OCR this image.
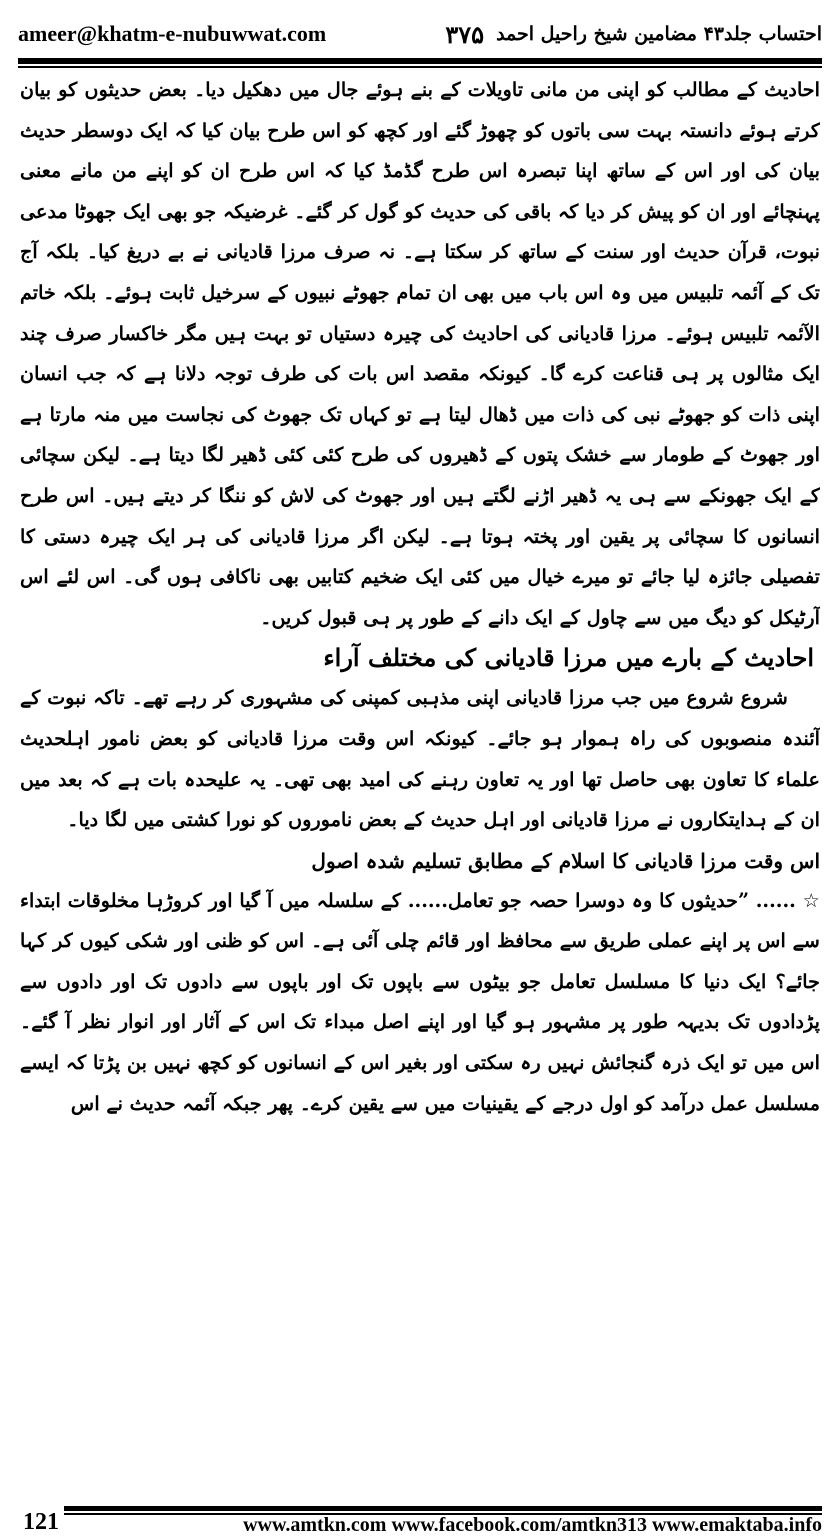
ameer@khatm-e-nubuwwat.com	احتساب جلد۴۳ مضامین شیخ راحیل احمد
۳۷۵

احادیث کے مطالب کو اپنی من مانی تاویلات کے بنے ہوئے جال میں دھکیل دیا۔ بعض حدیثوں کو بیان کرتے ہوئے دانستہ بہت سی باتوں کو چھوڑ گئے اور کچھ کو اس طرح بیان کیا کہ ایک دوسطر حدیث بیان کی اور اس کے ساتھ اپنا تبصرہ اس طرح گڈمڈ کیا کہ اس طرح ان کو اپنے من مانے معنی پہنچائے اور ان کو پیش کر دیا کہ باقی کی حدیث کو گول کر گئے۔ غرضیکہ جو بھی ایک جھوٹا مدعی نبوت، قرآن حدیث اور سنت کے ساتھ کر سکتا ہے۔ نہ صرف مرزا قادیانی نے بے دریغ کیا۔ بلکہ آج تک کے آئمہ تلبیس میں وہ اس باب میں بھی ان تمام جھوٹے نبیوں کے سرخیل ثابت ہوئے۔ بلکہ خاتم الآئمہ تلبیس ہوئے۔ مرزا قادیانی کی احادیث کی چیرہ دستیاں تو بہت ہیں مگر خاکسار صرف چند ایک مثالوں پر ہی قناعت کرے گا۔ کیونکہ مقصد اس بات کی طرف توجہ دلانا ہے کہ جب انسان اپنی ذات کو جھوٹے نبی کی ذات میں ڈھال لیتا ہے تو کہاں تک جھوٹ کی نجاست میں منہ مارتا ہے اور جھوٹ کے طومار سے خشک پتوں کے ڈھیروں کی طرح کئی کئی ڈھیر لگا دیتا ہے۔ لیکن سچائی کے ایک جھونکے سے ہی یہ ڈھیر اڑنے لگتے ہیں اور جھوٹ کی لاش کو ننگا کر دیتے ہیں۔ اس طرح انسانوں کا سچائی پر یقین اور پختہ ہوتا ہے۔ لیکن اگر مرزا قادیانی کی ہر ایک چیرہ دستی کا تفصیلی جائزہ لیا جائے تو میرے خیال میں کئی ایک ضخیم کتابیں بھی ناکافی ہوں گی۔ اس لئے اس آرٹیکل کو دیگ میں سے چاول کے ایک دانے کے طور پر ہی قبول کریں۔

احادیث کے بارے میں مرزا قادیانی کی مختلف آراء

شروع شروع میں جب مرزا قادیانی اپنی مذہبی کمپنی کی مشہوری کر رہے تھے۔ تاکہ نبوت کے آئندہ منصوبوں کی راہ ہموار ہو جائے۔ کیونکہ اس وقت مرزا قادیانی کو بعض نامور اہلحدیث علماء کا تعاون بھی حاصل تھا اور یہ تعاون رہنے کی امید بھی تھی۔ یہ علیحدہ بات ہے کہ بعد میں ان کے ہدایتکاروں نے مرزا قادیانی اور اہل حدیث کے بعض ناموروں کو نورا کشتی میں لگا دیا۔

اس وقت مرزا قادیانی کا اسلام کے مطابق تسلیم شدہ اصول

☆ ...... ”حدیثوں کا وہ دوسرا حصہ جو تعامل...... کے سلسلہ میں آ گیا اور کروڑہا مخلوقات ابتداء سے اس پر اپنے عملی طریق سے محافظ اور قائم چلی آئی ہے۔ اس کو ظنی اور شکی کیوں کر کہا جائے؟ ایک دنیا کا مسلسل تعامل جو بیٹوں سے باپوں تک اور باپوں سے دادوں تک اور دادوں سے پڑدادوں تک بدیہہ طور پر مشہور ہو گیا اور اپنے اصل مبداء تک اس کے آثار اور انوار نظر آ گئے۔ اس میں تو ایک ذرہ گنجائش نہیں رہ سکتی اور بغیر اس کے انسانوں کو کچھ نہیں بن پڑتا کہ ایسے مسلسل عمل درآمد کو اول درجے کے یقینیات میں سے یقین کرے۔ پھر جبکہ آئمہ حدیث نے اس

121	www.amtkn.com www.facebook.com/amtkn313 www.emaktaba.info
